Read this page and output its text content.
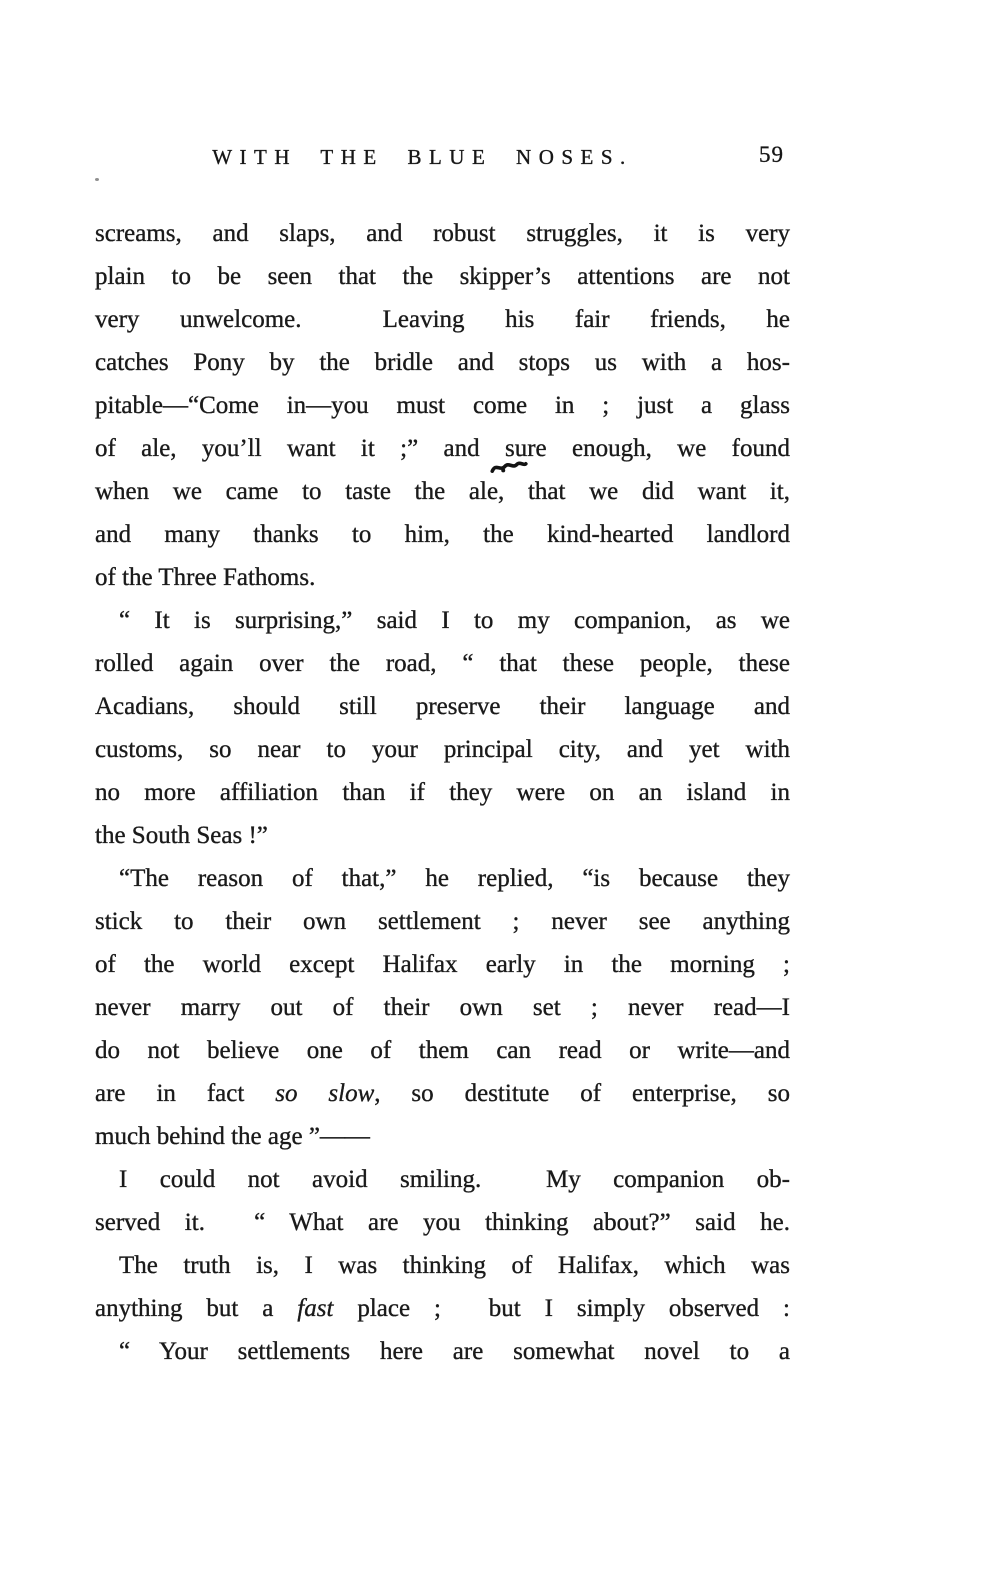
WITH THE BLUE NOSES.	59
screams, and slaps, and robust struggles, it is very
plain to be seen that the skipper’s attentions are not
very unwelcome.  Leaving his fair friends, he
catches Pony by the bridle and stops us with a hos-
pitable—“Come in—you must come in ; just a glass
of ale, you’ll want it ;” and sure enough, we found
when we came to taste the ale, that we did want it,
and many thanks to him, the kind-hearted landlord
of the Three Fathoms.
“ It is surprising,” said I to my companion, as we
rolled again over the road, “ that these people, these
Acadians, should still preserve their language and
customs, so near to your principal city, and yet with
no more affiliation than if they were on an island in
the South Seas !”
“The reason of that,” he replied, “is because they
stick to their own settlement ; never see anything
of the world except Halifax early in the morning ;
never marry out of their own set ; never read—I
do not believe one of them can read or write—and
are in fact so slow, so destitute of enterprise, so
much behind the age ”——
I could not avoid smiling.  My companion ob-
served it.  “ What are you thinking about?” said he.
The truth is, I was thinking of Halifax, which was
anything but a fast place ;  but I simply observed :
“ Your settlements here are somewhat novel to a
